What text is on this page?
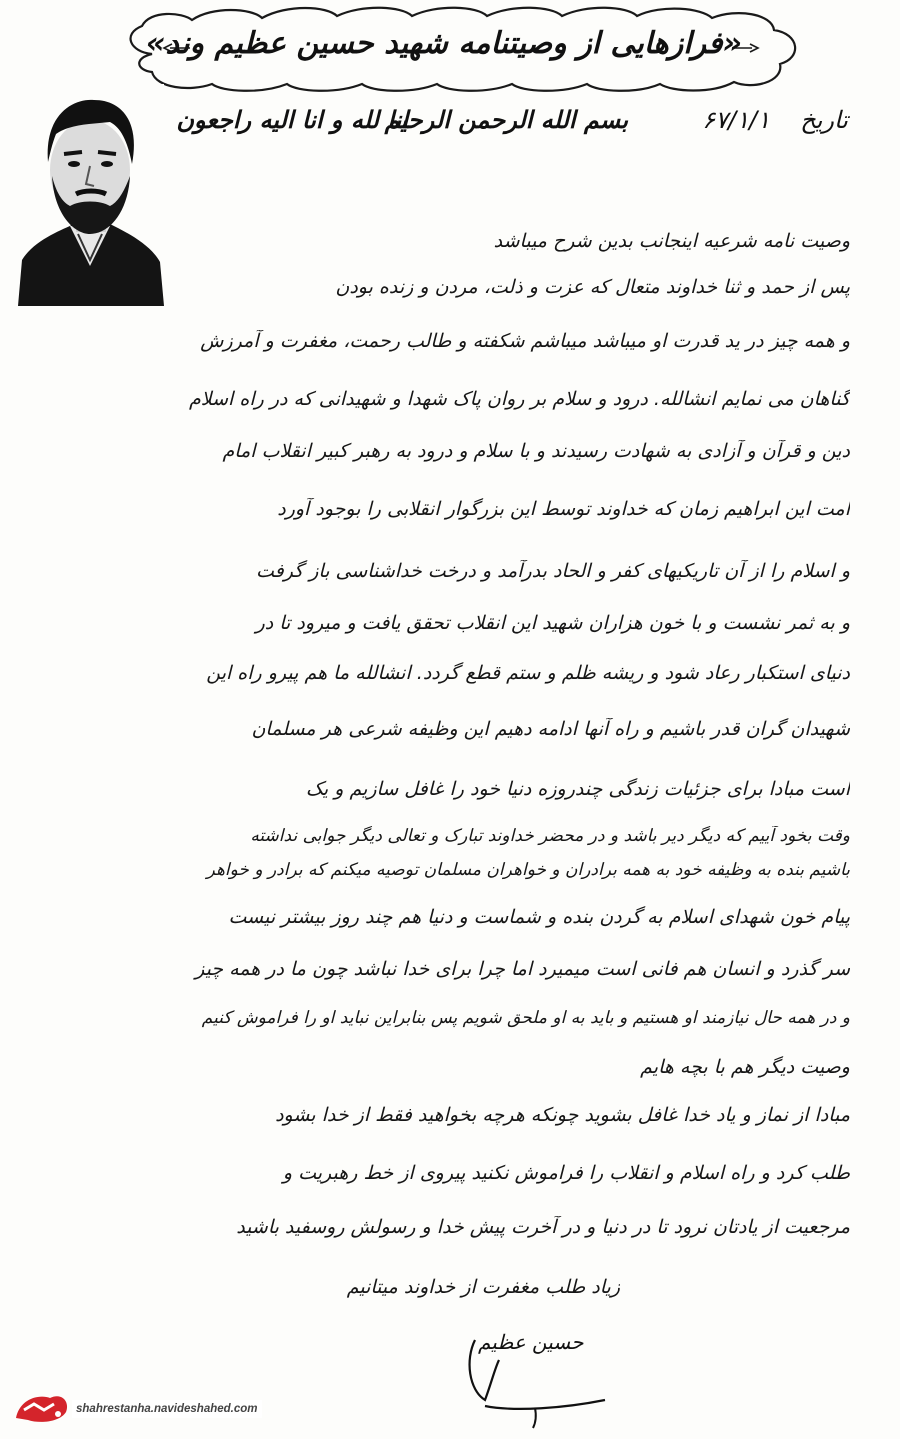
«فرازهایی از وصیتنامه شهید حسین عظیم وند»
تاریخ
۶۷/۱/۱
بسم الله الرحمن الرحیم
انا لله و انا الیه راجعون
وصیت نامه شرعیه اینجانب بدین شرح میباشد
پس از حمد و ثنا خداوند متعال که عزت و ذلت، مردن و زنده بودن
و همه چیز در ید قدرت او میباشد میباشم شکفته و طالب رحمت، مغفرت و آمرزش
گناهان می نمایم انشالله. درود و سلام بر روان پاک شهدا و شهیدانی که در راه اسلام
دین و قرآن و آزادی به شهادت رسیدند و با سلام و درود به رهبر کبیر انقلاب امام
امت این ابراهیم زمان که خداوند توسط این بزرگوار انقلابی را بوجود آورد
و اسلام را از آن تاریکیهای کفر و الحاد بدرآمد و درخت خداشناسی باز گرفت
و به ثمر نشست و با خون هزاران شهید این انقلاب تحقق یافت و میرود تا در
دنیای استکبار رعاد شود و ریشه ظلم و ستم قطع گردد. انشالله ما هم پیرو راه این
شهیدان گران قدر باشیم و راه آنها ادامه دهیم این وظیفه شرعی هر مسلمان
است مبادا برای جزئیات زندگی چندروزه دنیا خود را غافل سازیم و یک
وقت بخود آییم که دیگر دیر باشد و در محضر خداوند تبارک و تعالی دیگر جوابی نداشته
باشیم بنده به وظیفه خود به همه برادران و خواهران مسلمان توصیه میکنم که برادر و خواهر
پیام خون شهدای اسلام به گردن بنده و شماست و دنیا هم چند روز بیشتر نیست
سر گذرد و انسان هم فانی است میمیرد اما چرا برای خدا نباشد چون ما در همه چیز
و در همه حال نیازمند او هستیم و باید به او ملحق شویم پس بنابراین نباید او را فراموش کنیم
وصیت دیگر هم با بچه هایم
مبادا از نماز و یاد خدا غافل بشوید چونکه هرچه بخواهید فقط از خدا بشود
طلب کرد و راه اسلام و انقلاب را فراموش نکنید پیروی از خط رهبریت و
مرجعیت از یادتان نرود تا در دنیا و در آخرت پیش خدا و رسولش روسفید باشید
زیاد طلب مغفرت از خداوند میتانیم
حسین عظیم
shahrestanha.navideshahed.com
